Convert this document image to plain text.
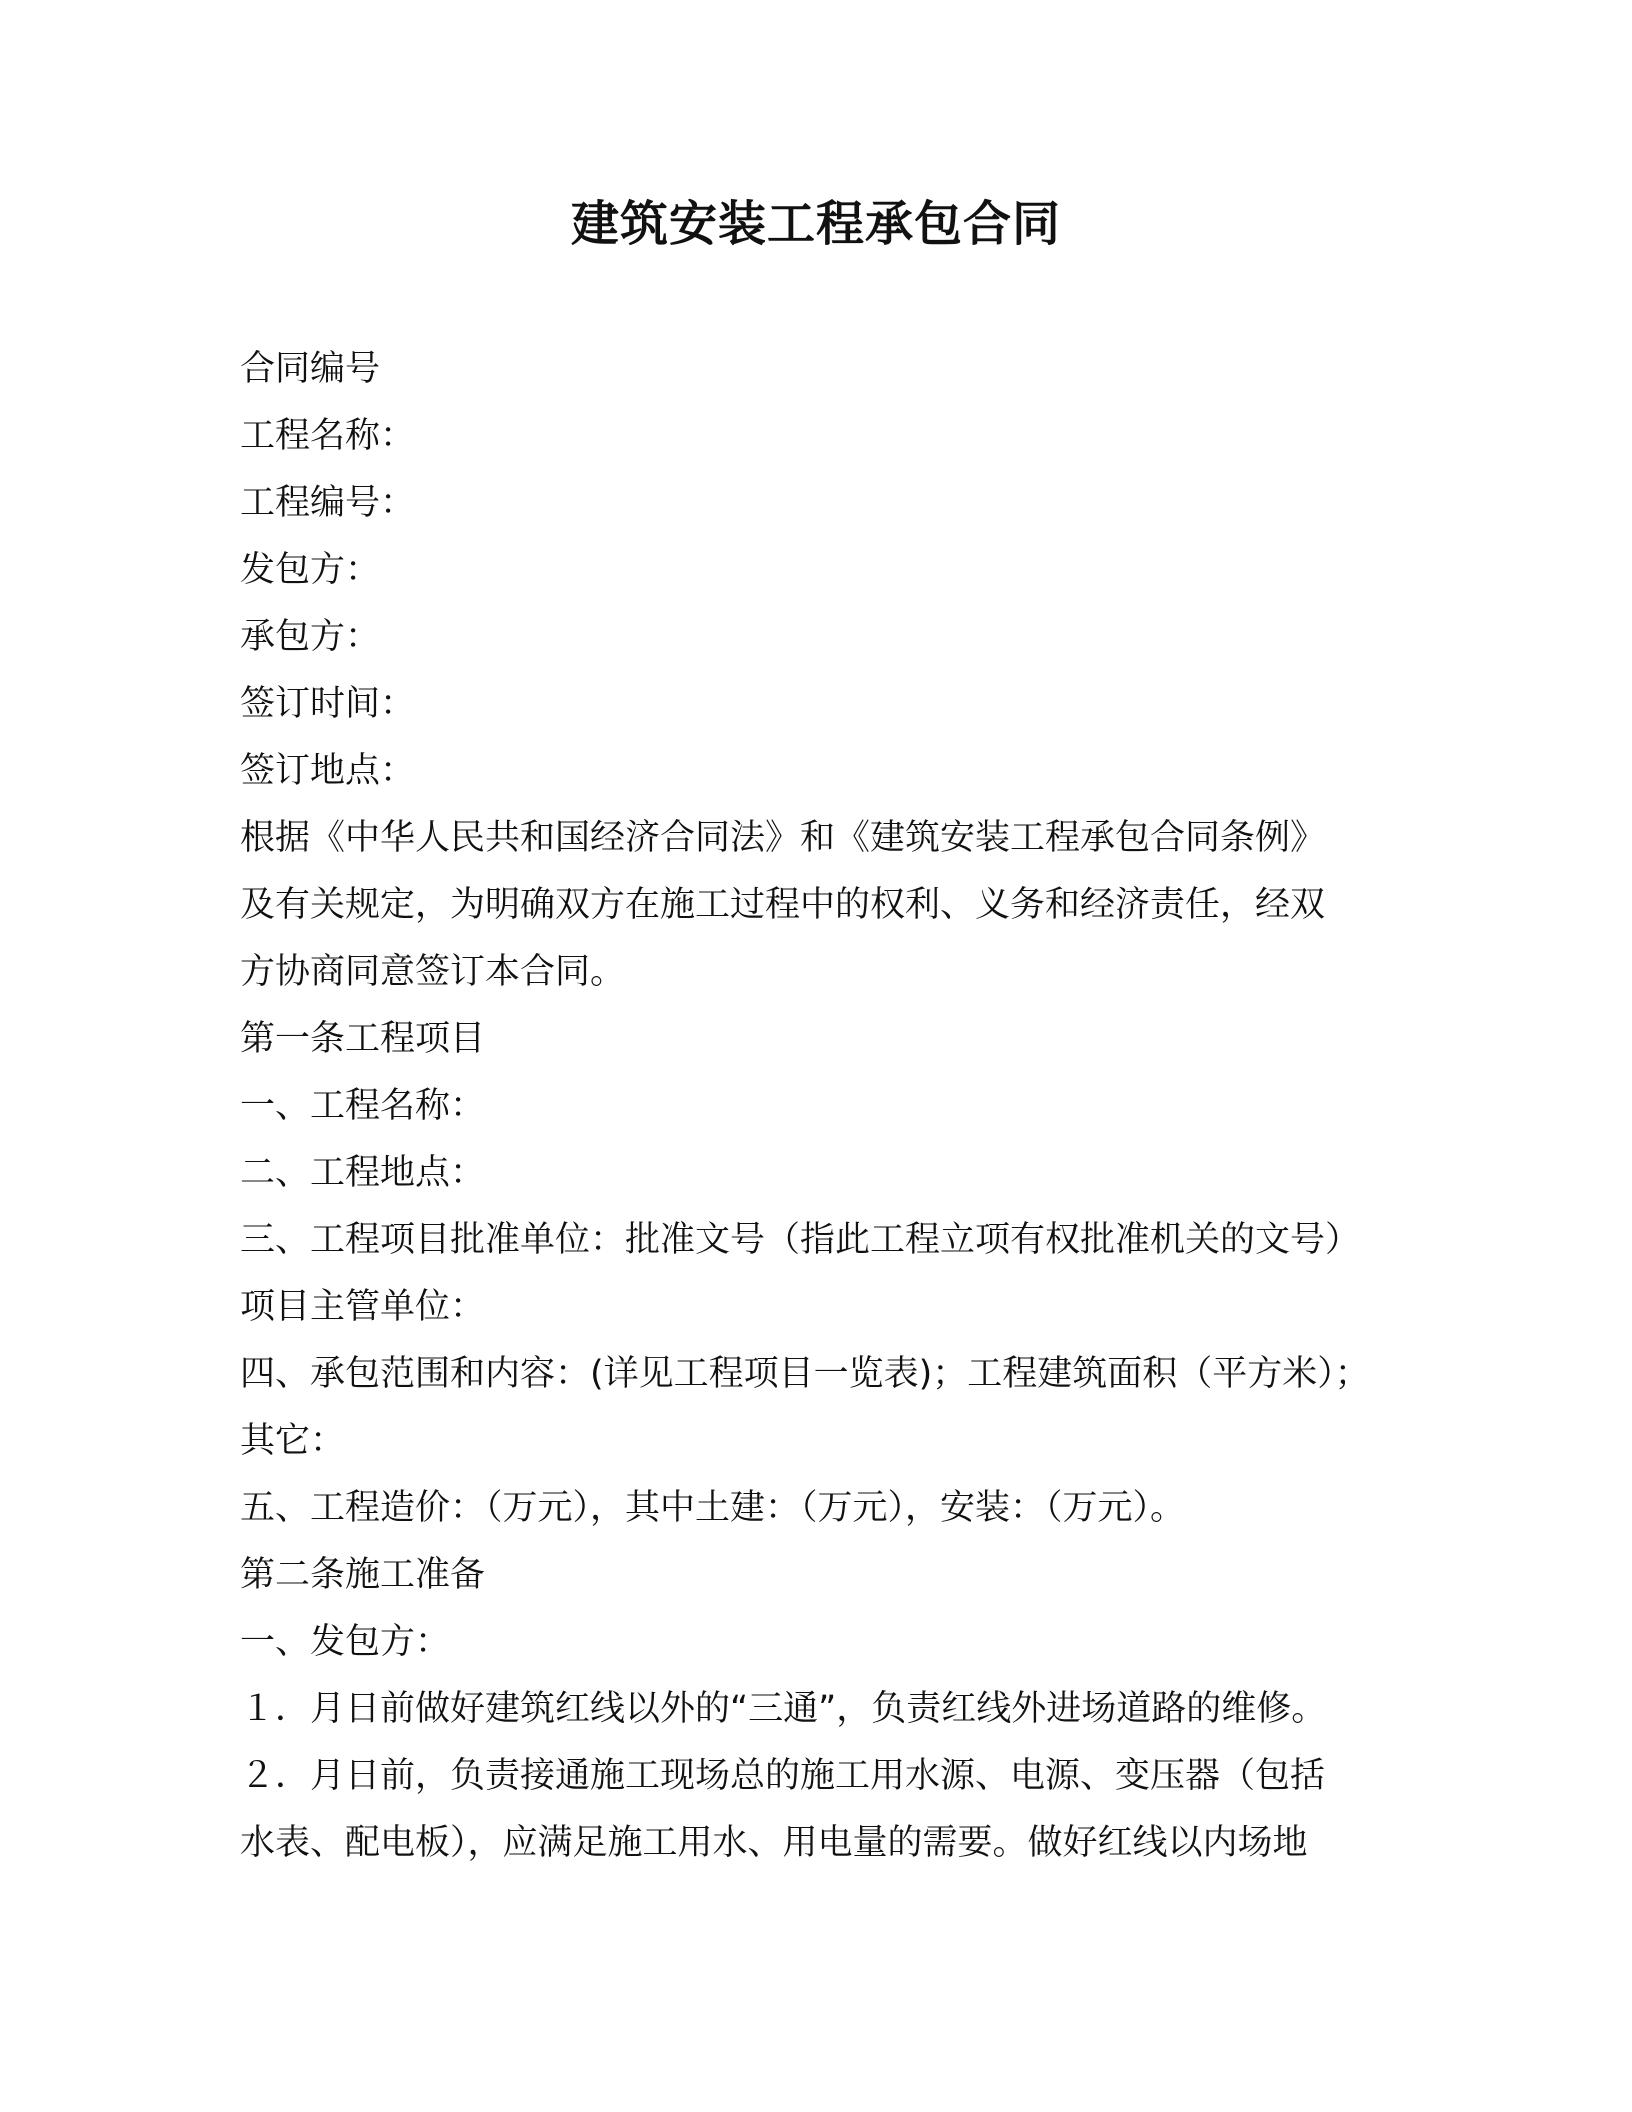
建筑安装工程承包合同
合同编号
工程名称：
工程编号：
发包方：
承包方：
签订时间：
签订地点：
根据《中华人民共和国经济合同法》和《建筑安装工程承包合同条例》
及有关规定，为明确双方在施工过程中的权利、义务和经济责任，经双
方协商同意签订本合同。
第一条工程项目
一、工程名称：
二、工程地点：
三、工程项目批准单位：批准文号（指此工程立项有权批准机关的文号）
项目主管单位：
四、承包范围和内容：(详见工程项目一览表)；工程建筑面积（平方米）；
其它：
五、工程造价：（万元），其中土建：（万元），安装：（万元）。
第二条施工准备
一、发包方：
１．月日前做好建筑红线以外的“三通”，负责红线外进场道路的维修。
２．月日前，负责接通施工现场总的施工用水源、电源、变压器（包括
水表、配电板），应满足施工用水、用电量的需要。做好红线以内场地
